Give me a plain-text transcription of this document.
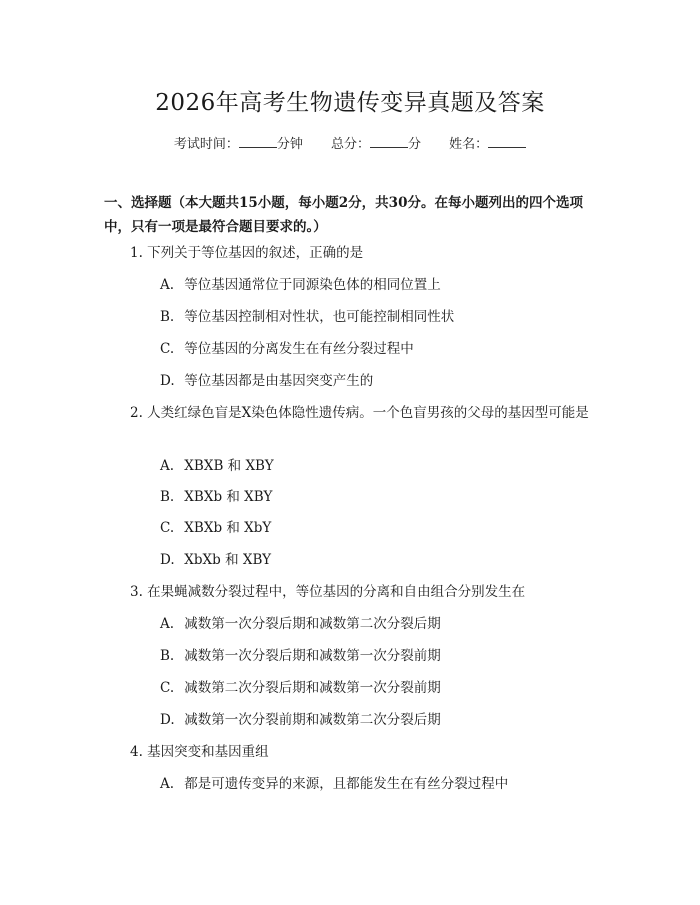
2026年高考生物遗传变异真题及答案
考试时间：	分钟 总分：	分 姓名：
一、选择题（本大题共15小题，每小题2分，共30分。在每小题列出的四个选项中，只有一项是最符合题目要求的。）
1. 下列关于等位基因的叙述，正确的是
A. 等位基因通常位于同源染色体的相同位置上
B. 等位基因控制相对性状，也可能控制相同性状
C. 等位基因的分离发生在有丝分裂过程中
D. 等位基因都是由基因突变产生的
2. 人类红绿色盲是X染色体隐性遗传病。一个色盲男孩的父母的基因型可能是
A. XBXB 和 XBY
B. XBXb 和 XBY
C. XBXb 和 XbY
D. XbXb 和 XBY
3. 在果蝇减数分裂过程中，等位基因的分离和自由组合分别发生在
A. 减数第一次分裂后期和减数第二次分裂后期
B. 减数第一次分裂后期和减数第一次分裂前期
C. 减数第二次分裂后期和减数第一次分裂前期
D. 减数第一次分裂前期和减数第二次分裂后期
4. 基因突变和基因重组
A. 都是可遗传变异的来源，且都能发生在有丝分裂过程中
